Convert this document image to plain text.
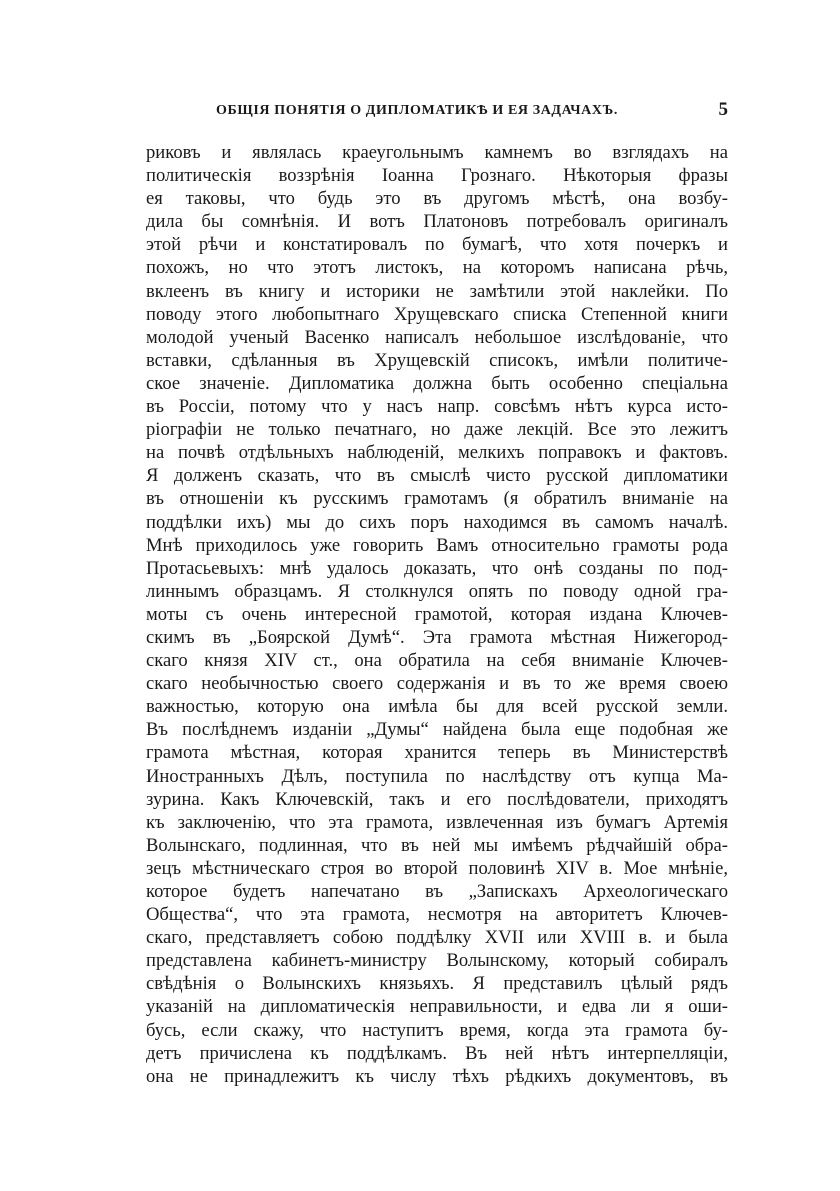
ОБЩІЯ ПОНЯТІЯ О ДИПЛОМАТИКѢ И ЕЯ ЗАДАЧАХЪ.	5
риковъ и являлась краеугольнымъ камнемъ во взглядахъ на
политическія воззрѣнія Іоанна Грознаго. Нѣкоторыя фразы
ея таковы, что будь это въ другомъ мѣстѣ, она возбу-
дила бы сомнѣнія. И вотъ Платоновъ потребовалъ оригиналъ
этой рѣчи и констатировалъ по бумагѣ, что хотя почеркъ и
похожъ, но что этотъ листокъ, на которомъ написана рѣчь,
вклеенъ въ книгу и историки не замѣтили этой наклейки. По
поводу этого любопытнаго Хрущевскаго списка Степенной книги
молодой ученый Васенко написалъ небольшое изслѣдованіе, что
вставки, сдѣланныя въ Хрущевскій списокъ, имѣли политиче-
ское значеніе. Дипломатика должна быть особенно спеціальна
въ Россіи, потому что у насъ напр. совсѣмъ нѣтъ курса исто-
ріографіи не только печатнаго, но даже лекцій. Все это лежитъ
на почвѣ отдѣльныхъ наблюденій, мелкихъ поправокъ и фактовъ.
Я долженъ сказать, что въ смыслѣ чисто русской дипломатики
въ отношеніи къ русскимъ грамотамъ (я обратилъ вниманіе на
поддѣлки ихъ) мы до сихъ поръ находимся въ самомъ началѣ.
Мнѣ приходилось уже говорить Вамъ относительно грамоты рода
Протасьевыхъ: мнѣ удалось доказать, что онѣ созданы по под-
линнымъ образцамъ. Я столкнулся опять по поводу одной гра-
моты съ очень интересной грамотой, которая издана Ключев-
скимъ въ „Боярской Думѣ“. Эта грамота мѣстная Нижегород-
скаго князя XIV ст., она обратила на себя вниманіе Ключев-
скаго необычностью своего содержанія и въ то же время своею
важностью, которую она имѣла бы для всей русской земли.
Въ послѣднемъ изданіи „Думы“ найдена была еще подобная же
грамота мѣстная, которая хранится теперь въ Министерствѣ
Иностранныхъ Дѣлъ, поступила по наслѣдству отъ купца Ма-
зурина. Какъ Ключевскій, такъ и его послѣдователи, приходятъ
къ заключенію, что эта грамота, извлеченная изъ бумагъ Артемія
Волынскаго, подлинная, что въ ней мы имѣемъ рѣдчайшій обра-
зецъ мѣстническаго строя во второй половинѣ XIV в. Мое мнѣніе,
которое будетъ напечатано въ „Запискахъ Археологическаго
Общества“, что эта грамота, несмотря на авторитетъ Ключев-
скаго, представляетъ собою поддѣлку XVII или XVIII в. и была
представлена кабинетъ-министру Волынскому, который собиралъ
свѣдѣнія о Волынскихъ князьяхъ. Я представилъ цѣлый рядъ
указаній на дипломатическія неправильности, и едва ли я оши-
бусь, если скажу, что наступитъ время, когда эта грамота бу-
детъ причислена къ поддѣлкамъ. Въ ней нѣтъ интерпелляціи,
она не принадлежитъ къ числу тѣхъ рѣдкихъ документовъ, въ
